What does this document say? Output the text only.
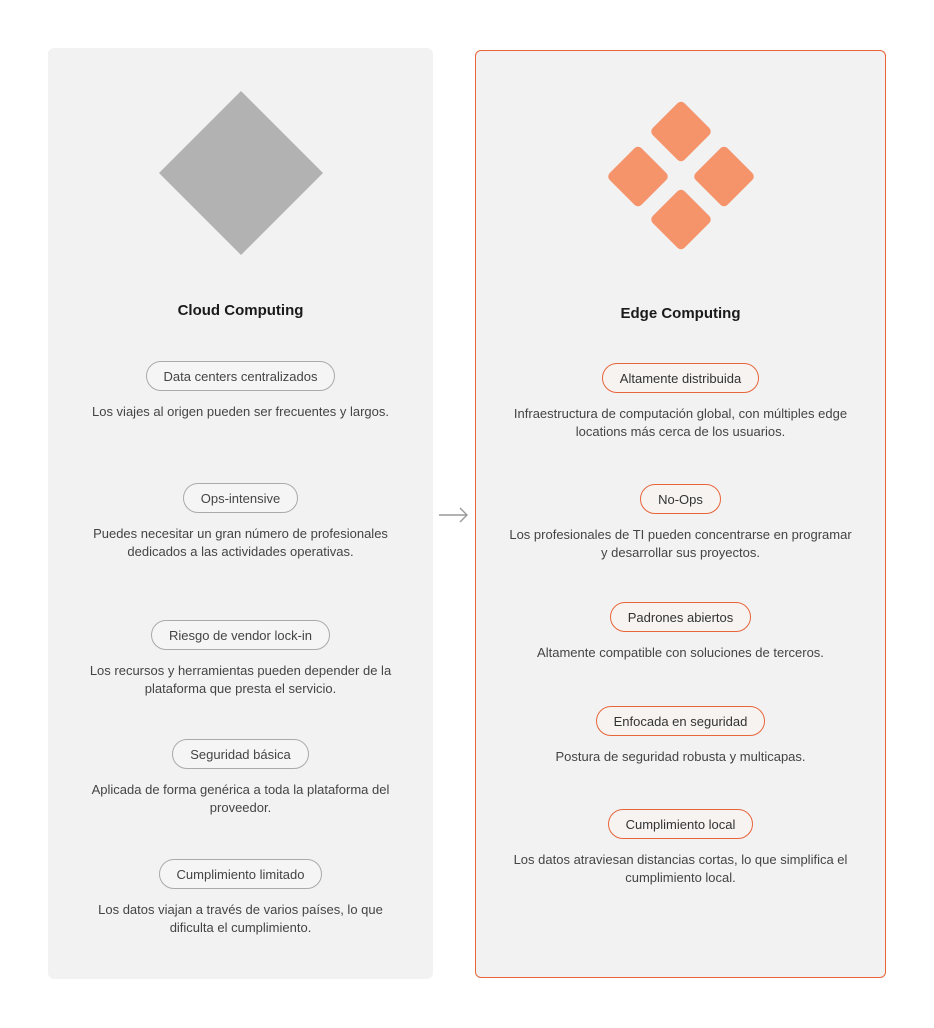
Cloud Computing
Data centers centralizados
Los viajes al origen pueden ser frecuentes y largos.
Ops-intensive
Puedes necesitar un gran número de profesionales dedicados a las actividades operativas.
Riesgo de vendor lock-in
Los recursos y herramientas pueden depender de la plataforma que presta el servicio.
Seguridad básica
Aplicada de forma genérica a toda la plataforma del proveedor.
Cumplimiento limitado
Los datos viajan a través de varios países, lo que dificulta el cumplimiento.
Edge Computing
Altamente distribuida
Infraestructura de computación global, con múltiples edge locations más cerca de los usuarios.
No-Ops
Los profesionales de TI pueden concentrarse en programar y desarrollar sus proyectos.
Padrones abiertos
Altamente compatible con soluciones de terceros.
Enfocada en seguridad
Postura de seguridad robusta y multicapas.
Cumplimiento local
Los datos atraviesan distancias cortas, lo que simplifica el cumplimiento local.
